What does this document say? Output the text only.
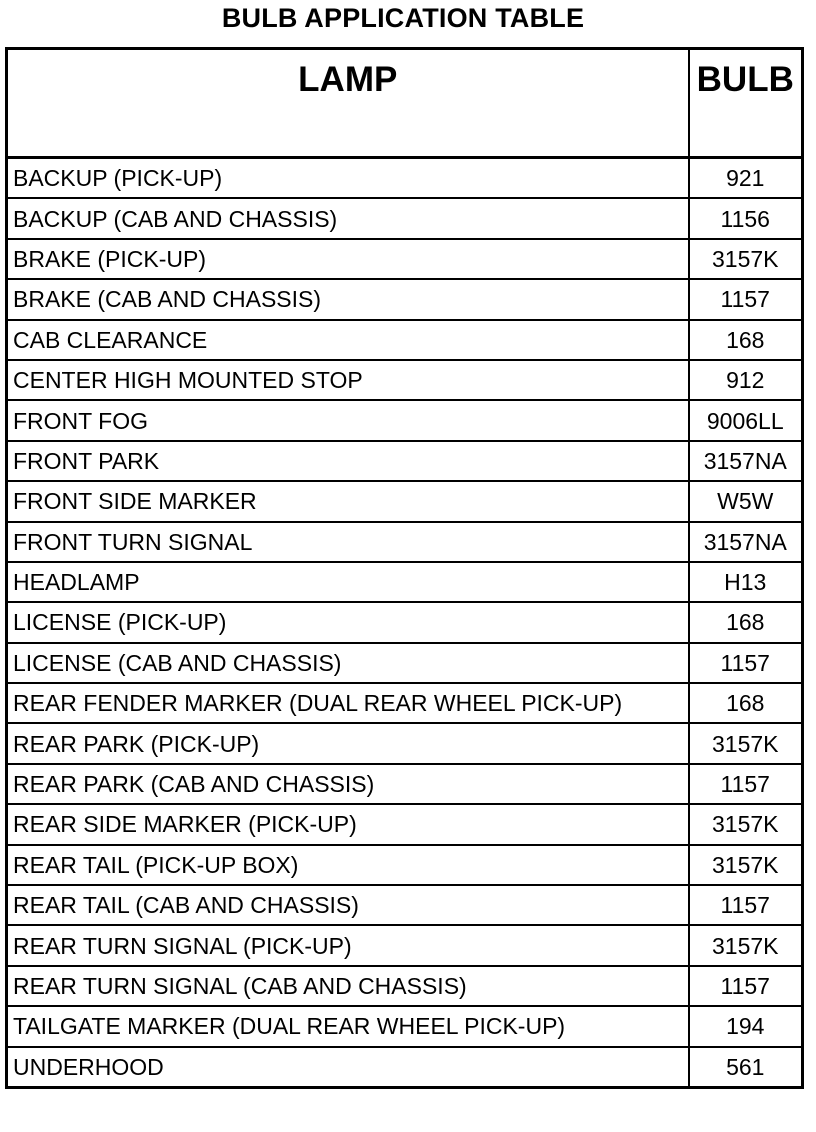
BULB APPLICATION TABLE
LAMP	BULB
BACKUP (PICK-UP)	921
BACKUP (CAB AND CHASSIS)	1156
BRAKE (PICK-UP)	3157K
BRAKE (CAB AND CHASSIS)	1157
CAB CLEARANCE	168
CENTER HIGH MOUNTED STOP	912
FRONT FOG	9006LL
FRONT PARK	3157NA
FRONT SIDE MARKER	W5W
FRONT TURN SIGNAL	3157NA
HEADLAMP	H13
LICENSE (PICK-UP)	168
LICENSE (CAB AND CHASSIS)	1157
REAR FENDER MARKER (DUAL REAR WHEEL PICK-UP)	168
REAR PARK (PICK-UP)	3157K
REAR PARK (CAB AND CHASSIS)	1157
REAR SIDE MARKER (PICK-UP)	3157K
REAR TAIL (PICK-UP BOX)	3157K
REAR TAIL (CAB AND CHASSIS)	1157
REAR TURN SIGNAL (PICK-UP)	3157K
REAR TURN SIGNAL (CAB AND CHASSIS)	1157
TAILGATE MARKER (DUAL REAR WHEEL PICK-UP)	194
UNDERHOOD	561
